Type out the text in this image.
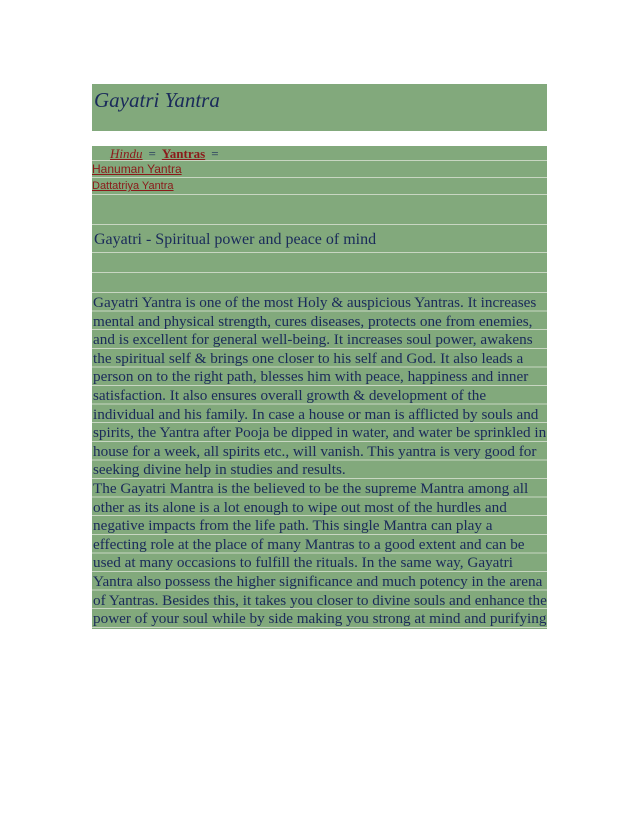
Gayatri Yantra
Hindu = Yantras =
Hanuman Yantra
Dattatriya Yantra
Gayatri - Spiritual power and peace of mind

Gayatri Yantra is one of the most Holy & auspicious Yantras. It increases mental and physical strength, cures diseases, protects one from enemies, and is excellent for general well-being. It increases soul power, awakens the spiritual self & brings one closer to his self and God. It also leads a person on to the right path, blesses him with peace, happiness and inner satisfaction. It also ensures overall growth & development of the individual and his family. In case a house or man is afflicted by souls and spirits, the Yantra after Pooja be dipped in water, and water be sprinkled in house for a week, all spirits etc., will vanish. This yantra is very good for seeking divine help in studies and results.

The Gayatri Mantra is the believed to be the supreme Mantra among all other as its alone is a lot enough to wipe out most of the hurdles and negative impacts from the life path. This single Mantra can play a effecting role at the place of many Mantras to a good extent and can be used at many occasions to fulfill the rituals. In the same way, Gayatri Yantra also possess the higher significance and much potency in the arena of Yantras. Besides this, it takes you closer to divine souls and enhance the power of your soul while by side making you strong at mind and purifying
